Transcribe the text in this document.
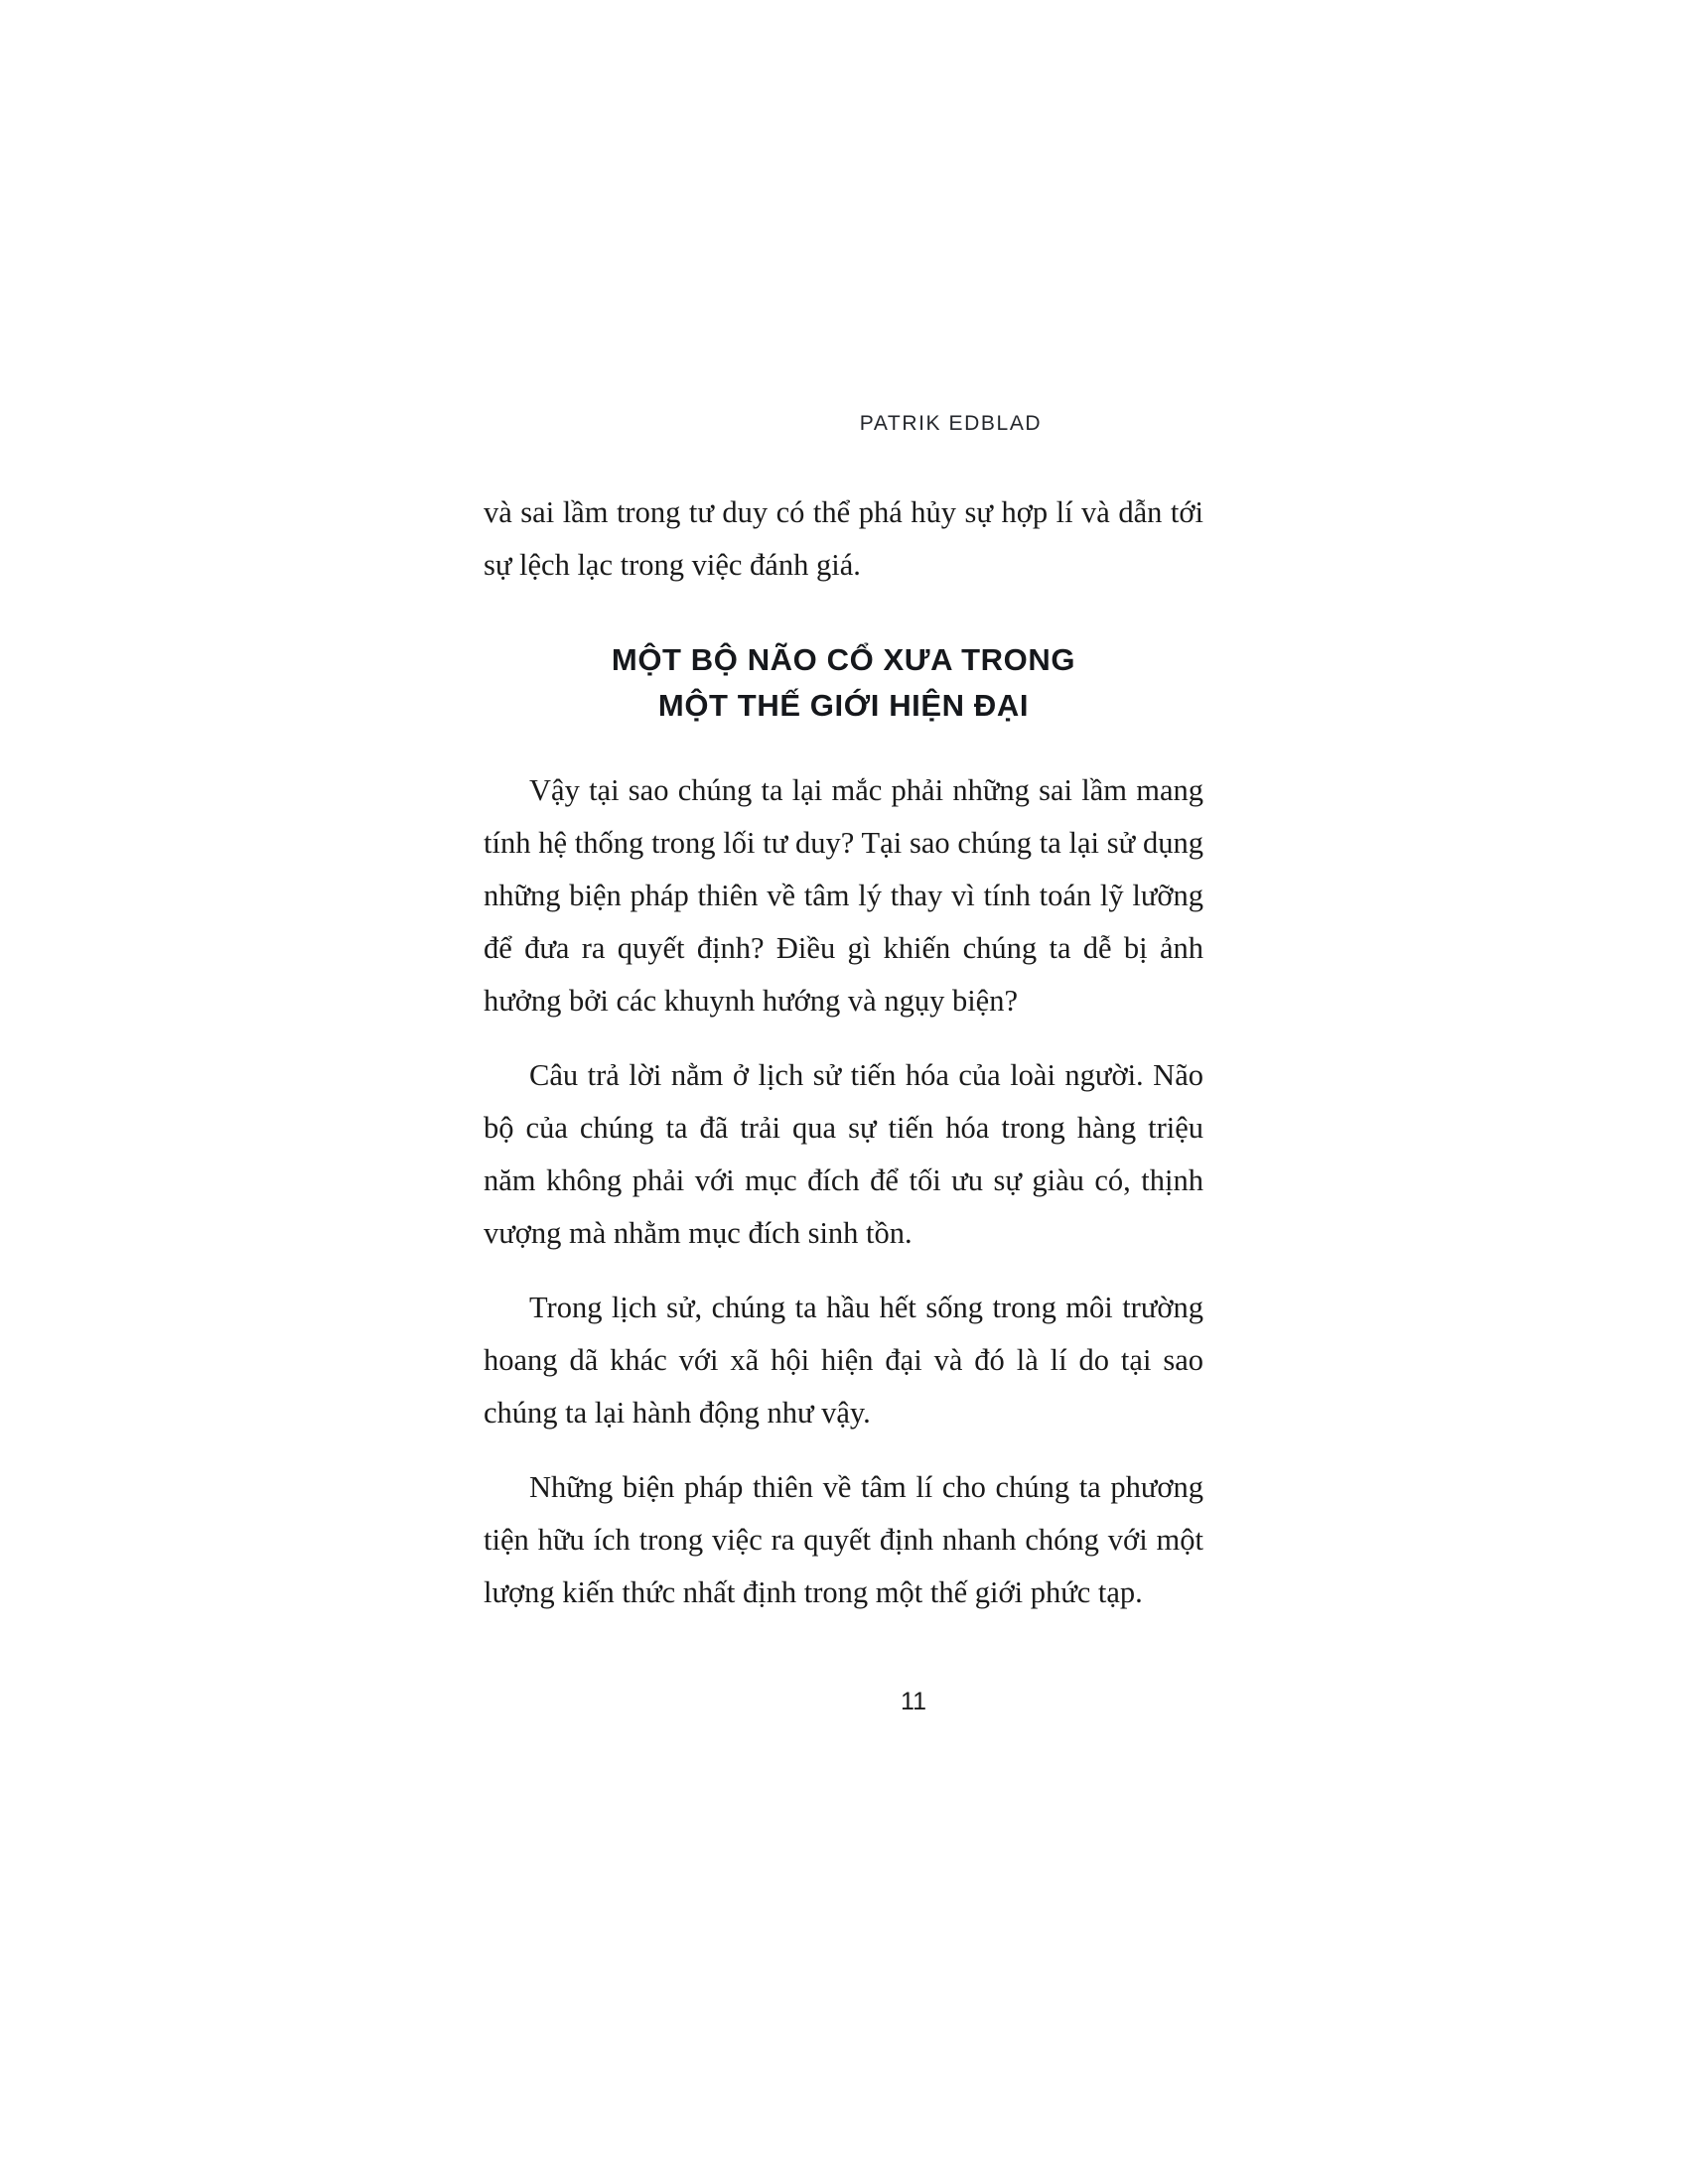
PATRIK EDBLAD

và sai lầm trong tư duy có thể phá hủy sự hợp lí và dẫn tới sự lệch lạc trong việc đánh giá.

MỘT BỘ NÃO CỔ XƯA TRONG
MỘT THẾ GIỚI HIỆN ĐẠI

Vậy tại sao chúng ta lại mắc phải những sai lầm mang tính hệ thống trong lối tư duy? Tại sao chúng ta lại sử dụng những biện pháp thiên về tâm lý thay vì tính toán lỹ lưỡng để đưa ra quyết định? Điều gì khiến chúng ta dễ bị ảnh hưởng bởi các khuynh hướng và ngụy biện?

Câu trả lời nằm ở lịch sử tiến hóa của loài người. Não bộ của chúng ta đã trải qua sự tiến hóa trong hàng triệu năm không phải với mục đích để tối ưu sự giàu có, thịnh vượng mà nhằm mục đích sinh tồn.

Trong lịch sử, chúng ta hầu hết sống trong môi trường hoang dã khác với xã hội hiện đại và đó là lí do tại sao chúng ta lại hành động như vậy.

Những biện pháp thiên về tâm lí cho chúng ta phương tiện hữu ích trong việc ra quyết định nhanh chóng với một lượng kiến thức nhất định trong một thế giới phức tạp.

11
